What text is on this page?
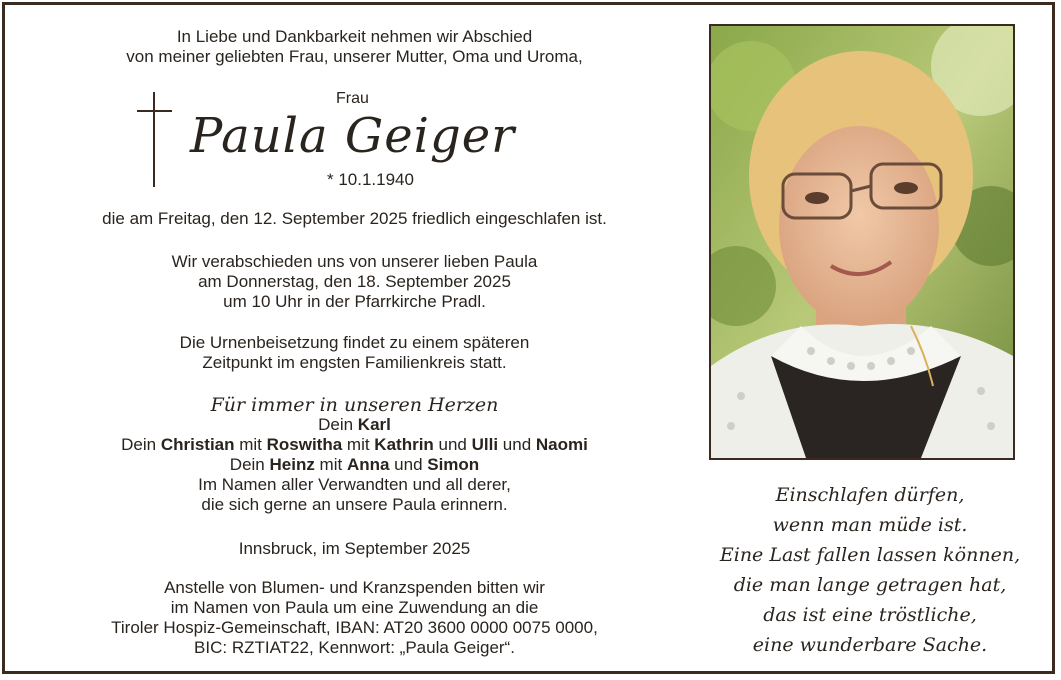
In Liebe und Dankbarkeit nehmen wir Abschied
von meiner geliebten Frau, unserer Mutter, Oma und Uroma,
Frau
Paula Geiger
* 10.1.1940
die am Freitag, den 12. September 2025 friedlich eingeschlafen ist.
Wir verabschieden uns von unserer lieben Paula
am Donnerstag, den 18. September 2025
um 10 Uhr in der Pfarrkirche Pradl.
Die Urnenbeisetzung findet zu einem späteren
Zeitpunkt im engsten Familienkreis statt.
Für immer in unseren Herzen
Dein Karl
Dein Christian mit Roswitha mit Kathrin und Ulli und Naomi
Dein Heinz mit Anna und Simon
Im Namen aller Verwandten und all derer,
die sich gerne an unsere Paula erinnern.
Innsbruck, im September 2025
Anstelle von Blumen- und Kranzspenden bitten wir
im Namen von Paula um eine Zuwendung an die
Tiroler Hospiz-Gemeinschaft, IBAN: AT20 3600 0000 0075 0000,
BIC: RZTIAT22, Kennwort: „Paula Geiger“.
Einschlafen dürfen,
wenn man müde ist.
Eine Last fallen lassen können,
die man lange getragen hat,
das ist eine tröstliche,
eine wunderbare Sache.
